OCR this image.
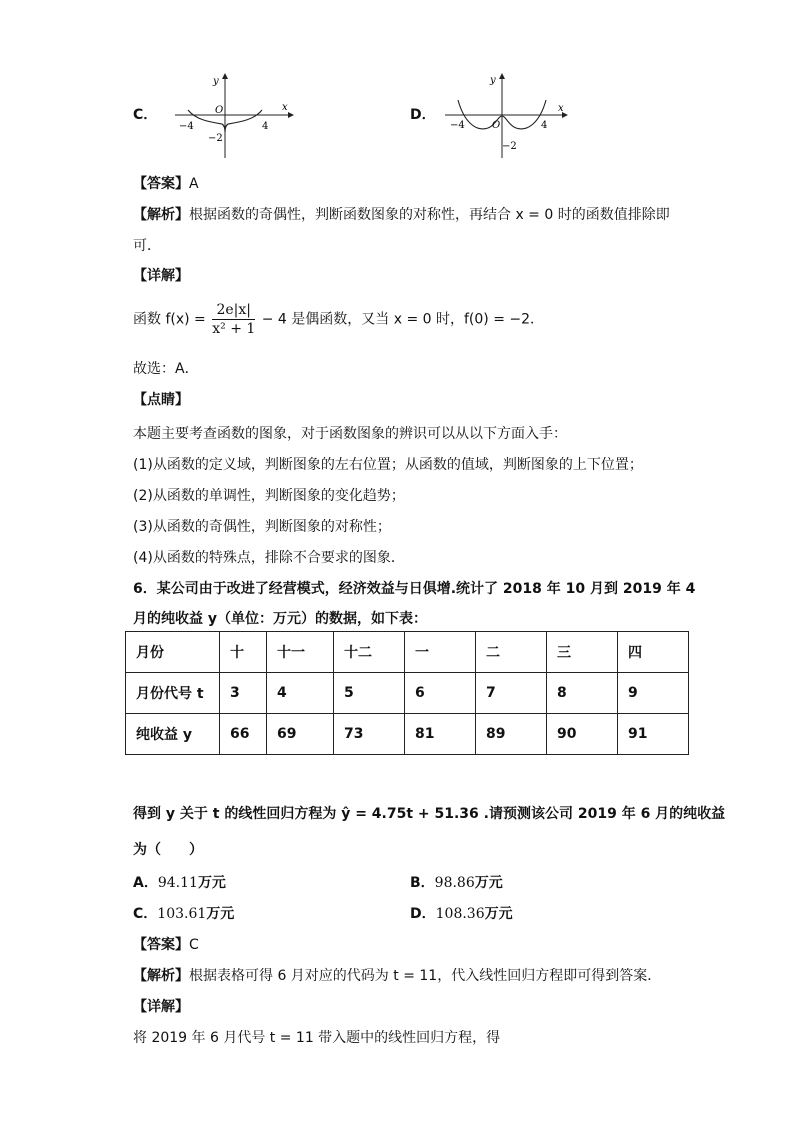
C．
y
x
O
−4	4
−2
D．
y
x
O
−4	4
−2
【答案】A
【解析】根据函数的奇偶性，判断函数图象的对称性，再结合 x = 0 时的函数值排除即
可．
【详解】
函数 $f(x) = \frac{2e|x|}{\text{x² + 1}} - 4$ 是偶函数，又当 x = 0 时，f(0) = −2．
故选：A．
【点睛】
本题主要考查函数的图象，对于函数图象的辨识可以从以下方面入手：
(1)从函数的定义域，判断图象的左右位置；从函数的值域，判断图象的上下位置；
(2)从函数的单调性，判断图象的变化趋势；
(3)从函数的奇偶性，判断图象的对称性；
(4)从函数的特殊点，排除不合要求的图象．
6．某公司由于改进了经营模式，经济效益与日俱增.统计了 2018 年 10 月到 2019 年 4
月的纯收益 y（单位：万元）的数据，如下表：
月份	十	十一	十二	一	二	三	四
月份代号 t	3	4	5	6	7	8	9
纯收益 y	66	69	73	81	89	90	91
得到 y 关于 t 的线性回归方程为 ŷ = 4.75t + 51.36 .请预测该公司 2019 年 6 月的纯收益
为（　　）
A．94.11万元	B．98.86万元
C．103.61万元	D．108.36万元
【答案】C
【解析】根据表格可得 6 月对应的代码为 t = 11，代入线性回归方程即可得到答案．
【详解】
将 2019 年 6 月代号 t = 11 带入题中的线性回归方程，得
